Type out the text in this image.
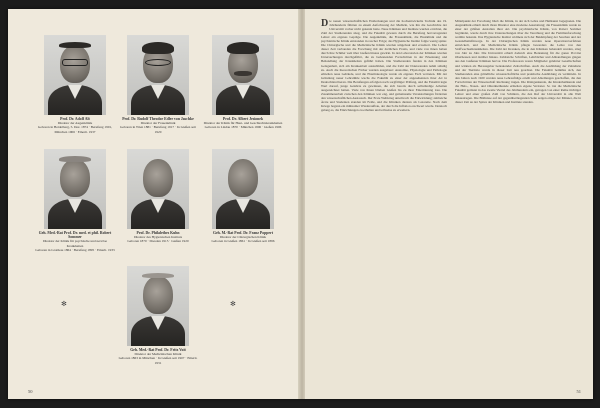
Prof. Dr. Adolf Alt
Direktor der Augenklinik
Geboren in Heidelberg, 5. Dez. 1874 · Berufung 1901, München 1906 · Emerit. 1937
Prof. Dr. Rudolf Theodor Edler von Jaschke
Direktor der Frauenklinik
Geboren in Wien 1881 · Berufung 1917 · In Gießen seit 1920
Prof. Dr. Albert Jesionek
Direktor der Klinik für Haut- und Geschlechtskrankheiten
Geboren in Lindau 1870 · München 1906 · Gießen 1906
Geh. Med.-Rat Prof. Dr. med. et phil. Robert Sommer
Direktor der Klinik für psychische und nervöse Krankheiten
Geboren in Grottkau 1864 · Berufung 1895 · Emerit. 1933
Prof. Dr. Philalethes Kuhn
Direktor des Hygienischen Instituts
Geboren 1870 · Dresden 1915 · Gießen 1920
Geh. M.-Rat Prof. Dr. Franz Poppert
Direktor der Chirurgischen Klinik
Geboren in Gießen 1861 · In Gießen seit 1896
✻
Geh. Med.-Rat Prof. Dr. Fritz Voit
Direktor der Medizinischen Klinik
Geboren 1863 in München · In Gießen seit 1907 · Emerit. 1931
✻
50

Die neuen wissenschaftlichen Entdeckungen und die hochentwickelte Technik des 19. Jahrhunderts führten zu einem Aufschwung der Medizin, wie ihn die Geschichte der Universität vorher nicht gekannt hatte. Neue Kliniken und Institute wurden errichtet, die Zahl der Studierenden stieg, und die Fakultät gewann durch die Berufung hervorragender Lehrer ein eigenes Gepräge. Die Augenklinik, die Frauenklinik, die Hautklinik und die psychiatrische Klinik entstanden in rascher Folge; das Hygienische Institut folgte wenig später. Die Chirurgische und die Medizinische Klinik wurden umgebaut und erweitert. Die Lehrer dieser Zeit verbanden die Forschung mit der ärztlichen Praxis, und viele von ihnen haben durch ihre Schüler weit über Gießen hinaus gewirkt. In den Laboratorien der Kliniken wurden Untersuchungen durchgeführt, die zu bedeutenden Fortschritten in der Erkennung und Behandlung der Krankheiten geführt haben. Die Studierenden fanden in den Kliniken Gelegenheit, sich am Krankenbett auszubilden, und die Zahl der Doktoranden nahm ständig zu. Auch die theoretischen Fächer wurden ausgebaut: Anatomie, Physiologie und Pathologie erhielten neue Gebäude, und die Pharmakologie wurde als eigenes Fach vertreten. Mit der Gründung neuer Lehrstühle wuchs die Fakultät zu einer der angesehensten ihrer Art in Deutschland heran. Die Berufungen erfolgten nach sorgfältiger Prüfung, und die Fakultät legte Wert darauf, junge Gelehrte zu gewinnen, die sich bereits durch selbständige Arbeiten ausgezeichnet hatten. Viele von ihnen blieben Gießen bis zu ihrer Emeritierung treu. Die Zusammenarbeit zwischen den Kliniken war eng, und gemeinsame Veranstaltungen förderten den wissenschaftlichen Austausch. Der Erste Weltkrieg unterbrach die Entwicklung; zahlreiche Ärzte und Studenten standen im Felde, und die Kliniken dienten als Lazarette. Nach dem Kriege begann ein mühsamer Wiederaufbau, der durch die Inflation erschwert wurde. Dennoch gelang es, die Einrichtungen zu erhalten und teilweise zu erweitern.

Mittelpunkt der Forschung blieb die Klinik, in der sich Lehre und Heilkunst begegneten. Die Augenklinik erhielt durch ihren Direktor eine moderne Ausstattung; die Frauenklinik wurde zu einer der größten Anstalten ihrer Art. Die psychiatrische Klinik, von Robert Sommer begründet, wurde durch ihre Untersuchungen über die Vererbung und die Familienforschung weithin bekannt. Das Hygienische Institut widmete sich der Bekämpfung der Seuchen und der Gesundheitsfürsorge. In der Chirurgischen Klinik wurden neue Operationsverfahren entwickelt, und die Medizinische Klinik pflegte besonders die Lehre von den Stoffwechselkrankheiten. Die Zahl der Kranken, die in den Kliniken behandelt wurden, stieg von Jahr zu Jahr. Die Universität erhielt dadurch eine Bedeutung für die ganze Provinz Oberhessen und darüber hinaus. Zahlreiche Schriften, Lehrbücher und Abhandlungen gingen aus den Gießener Kliniken hervor. Die Professoren waren Mitglieder gelehrter Gesellschaften und wirkten als Herausgeber bedeutender Zeitschriften. Auch die Ausbildung der Zahnärzte und der Tierärzte wurde in dieser Zeit neu geordnet. Die Fakultät bemühte sich, den Studierenden eine gründliche wissenschaftliche und praktische Ausbildung zu vermitteln. In den Jahren nach 1920 wurden neue Lehraufträge erteilt und Abteilungen geschaffen, die den Fortschritten der Wissenschaft Rechnung trugen. Die Röntgenkunde, die Kinderheilkunde und die Hals-, Nasen- und Ohrenheilkunde erhielten eigene Vertreter. So trat die Medizinische Fakultät gerüstet in das zweite Viertel des Jahrhunderts ein, getragen von einer Reihe tüchtiger Lehrer und einer großen Zahl von Schülern, die den Ruf der Universität in alle Welt hinaustrugen. Die Bildnisse auf der gegenüberliegenden Seite zeigen einige der Männer, die in dieser Zeit an der Spitze der Kliniken und Institute standen.

51
